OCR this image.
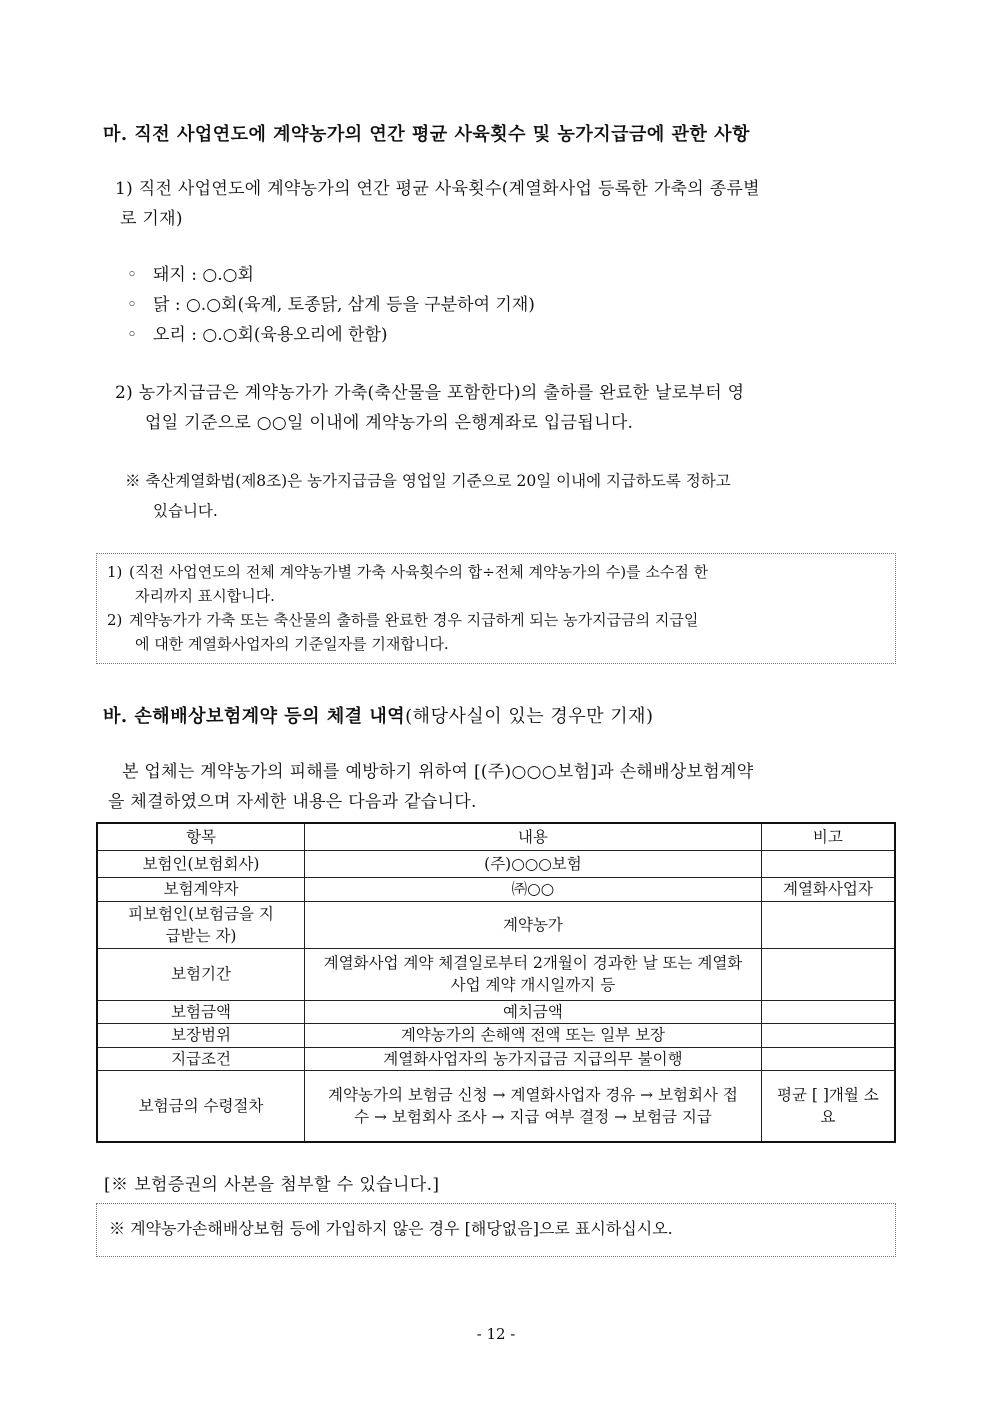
마. 직전 사업연도에 계약농가의 연간 평균 사육횟수 및 농가지급금에 관한 사항
1) 직전 사업연도에 계약농가의 연간 평균 사육횟수(계열화사업 등록한 가축의 종류별
로 기재)
◦ 돼지 : ○.○회
◦ 닭 : ○.○회(육계, 토종닭, 삼계 등을 구분하여 기재)
◦ 오리 : ○.○회(육용오리에 한함)
2) 농가지급금은 계약농가가 가축(축산물을 포함한다)의 출하를 완료한 날로부터 영
업일 기준으로 ○○일 이내에 계약농가의 은행계좌로 입금됩니다.
※ 축산계열화법(제8조)은 농가지급금을 영업일 기준으로 20일 이내에 지급하도록 정하고
있습니다.
1) (직전 사업연도의 전체 계약농가별 가축 사육횟수의 합÷전체 계약농가의 수)를 소수점 한
자리까지 표시합니다.
2) 계약농가가 가축 또는 축산물의 출하를 완료한 경우 지급하게 되는 농가지급금의 지급일
에 대한 계열화사업자의 기준일자를 기재합니다.
바. 손해배상보험계약 등의 체결 내역(해당사실이 있는 경우만 기재)
본 업체는 계약농가의 피해를 예방하기 위하여 [(주)○○○보험]과 손해배상보험계약
을 체결하였으며 자세한 내용은 다음과 같습니다.
항목	내용	비고
보험인(보험회사)	(주)○○○보험	
보험계약자	㈜○○	계열화사업자
피보험인(보험금을 지급받는 자)	계약농가	
보험기간	계열화사업 계약 체결일로부터 2개월이 경과한 날 또는 계열화사업 계약 개시일까지 등	
보험금액	예치금액	
보장범위	계약농가의 손해액 전액 또는 일부 보장	
지급조건	계열화사업자의 농가지급금 지급의무 불이행	
보험금의 수령절차	계약농가의 보험금 신청 → 계열화사업자 경유 → 보험회사 접수 → 보험회사 조사 → 지급 여부 결정 → 보험금 지급	평균 [ ]개월 소요
[※ 보험증권의 사본을 첨부할 수 있습니다.]
※ 계약농가손해배상보험 등에 가입하지 않은 경우 [해당없음]으로 표시하십시오.
- 12 -
